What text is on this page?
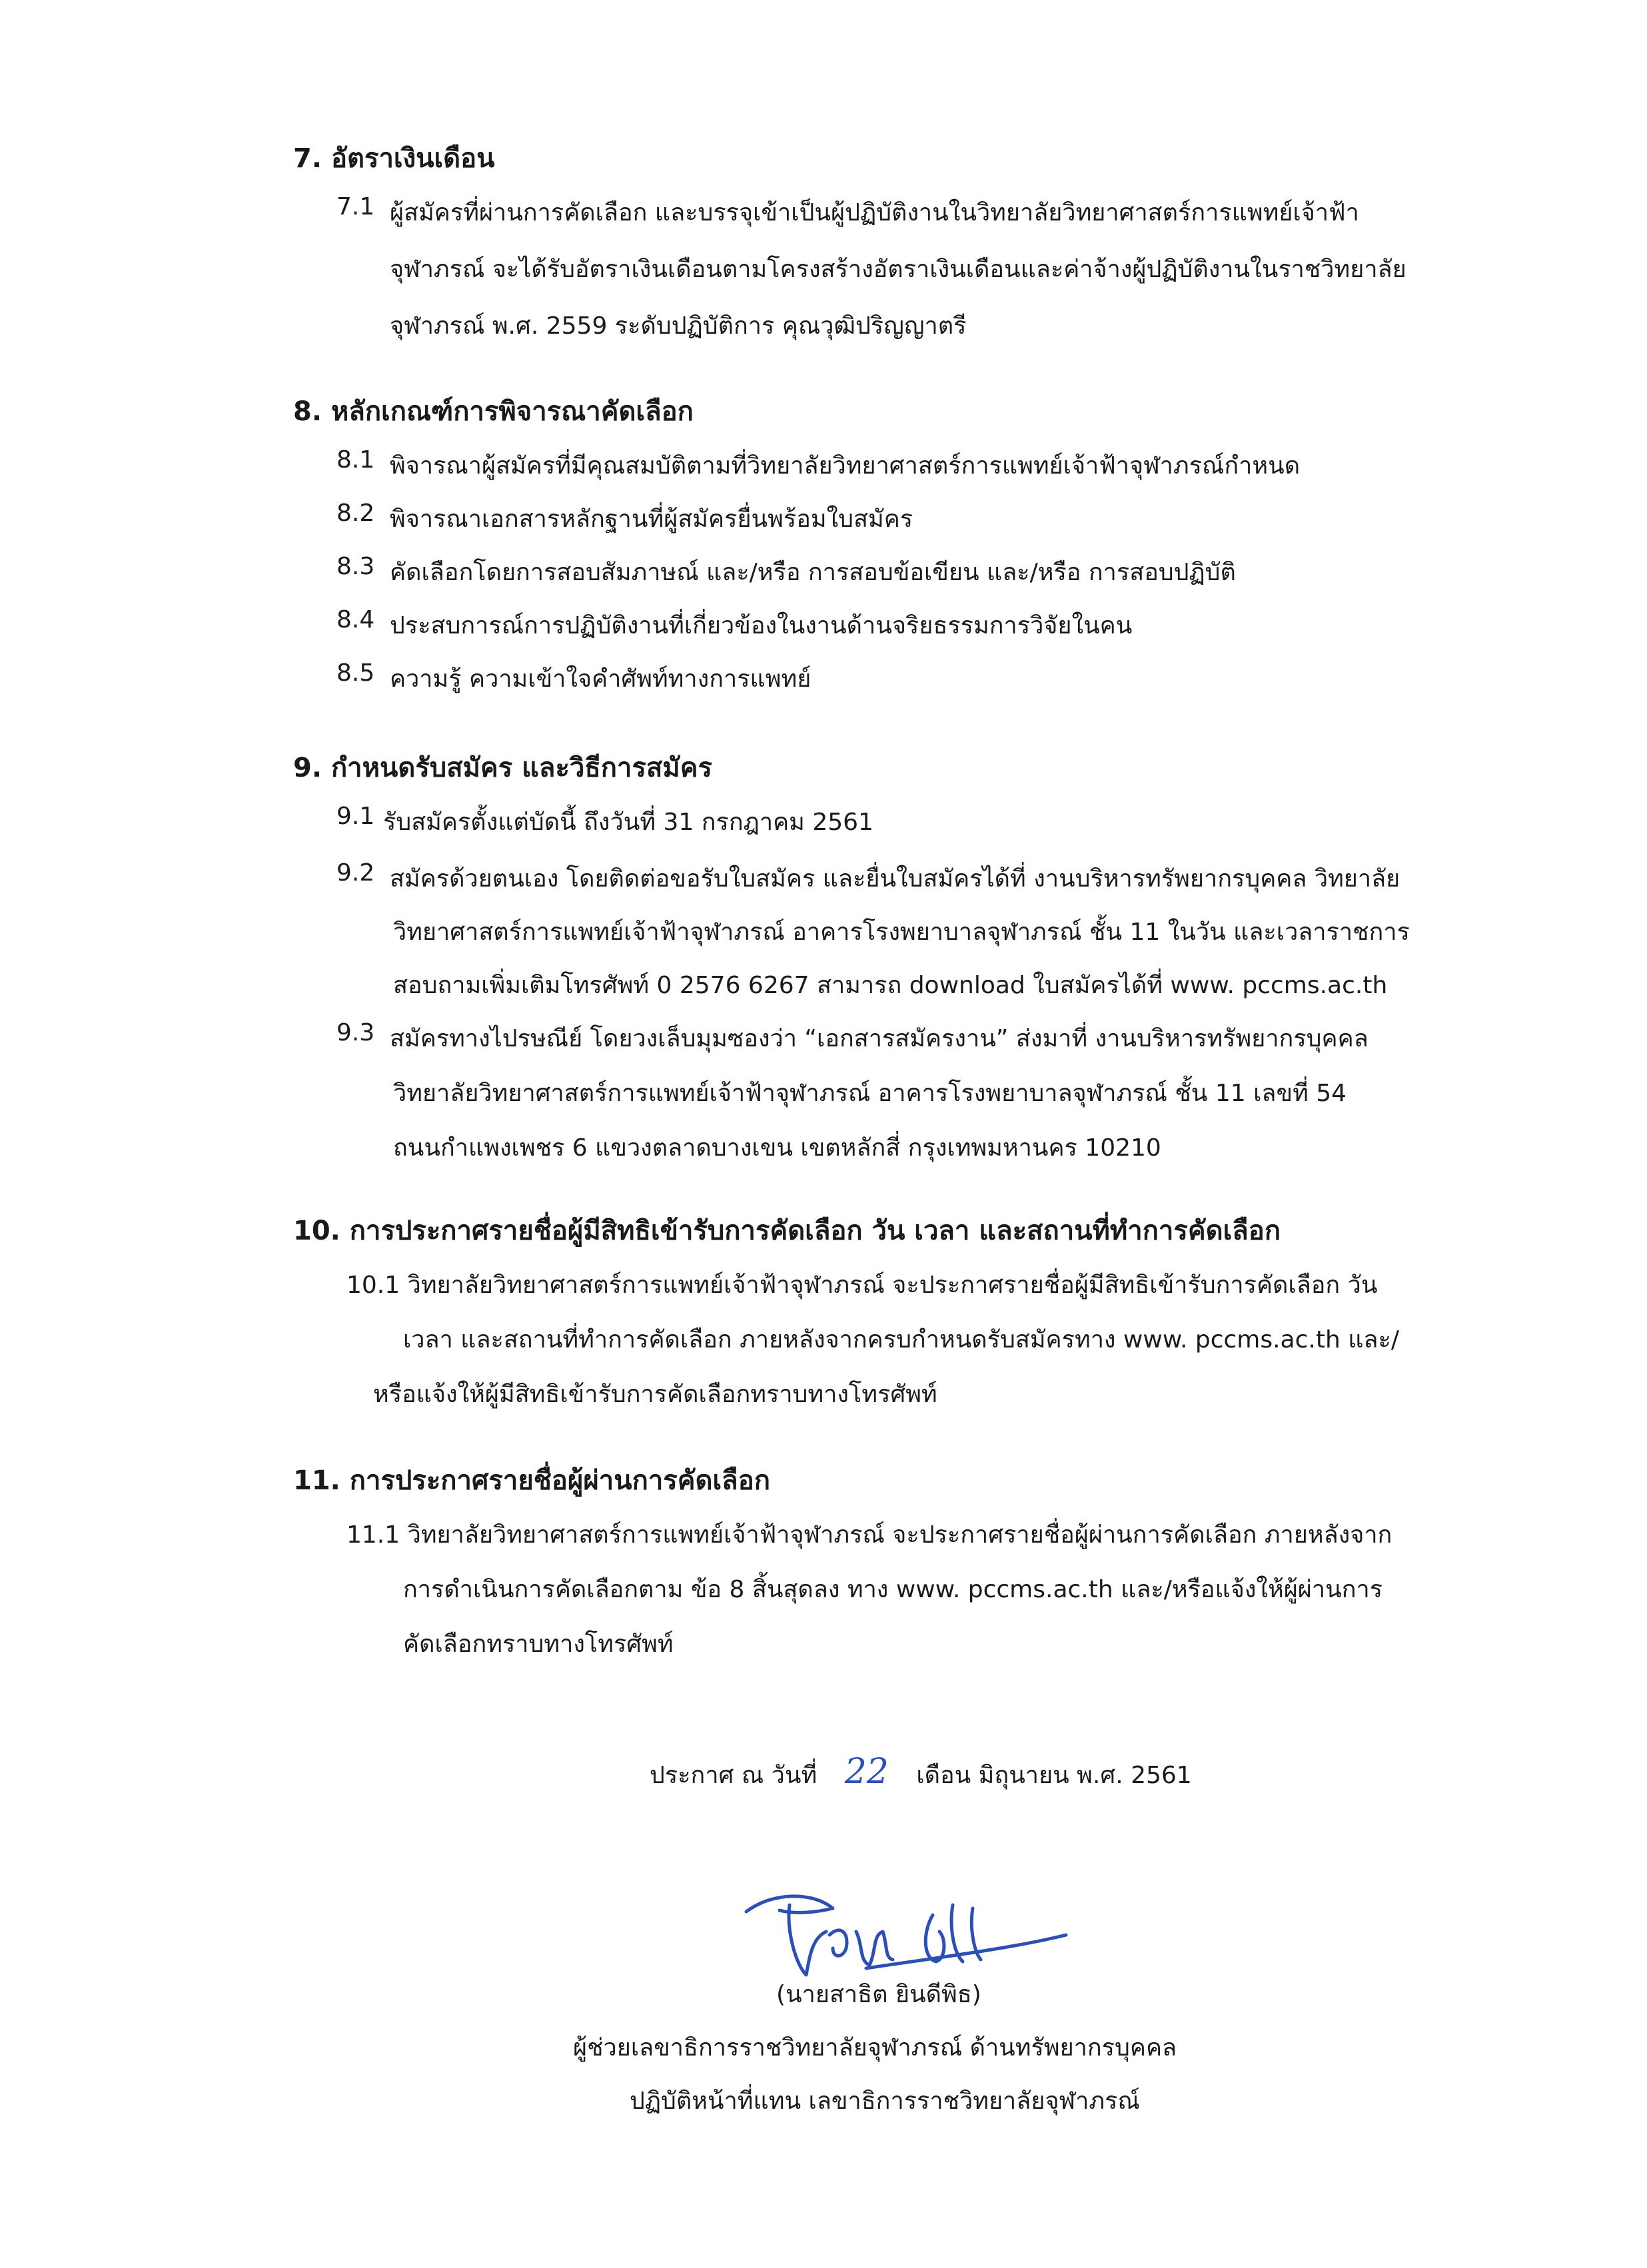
7. อัตราเงินเดือน
7.1 ผู้สมัครที่ผ่านการคัดเลือก และบรรจุเข้าเป็นผู้ปฏิบัติงานในวิทยาลัยวิทยาศาสตร์การแพทย์เจ้าฟ้า
จุฬาภรณ์ จะได้รับอัตราเงินเดือนตามโครงสร้างอัตราเงินเดือนและค่าจ้างผู้ปฏิบัติงานในราชวิทยาลัย
จุฬาภรณ์ พ.ศ. 2559 ระดับปฏิบัติการ คุณวุฒิปริญญาตรี
8. หลักเกณฑ์การพิจารณาคัดเลือก
8.1 พิจารณาผู้สมัครที่มีคุณสมบัติตามที่วิทยาลัยวิทยาศาสตร์การแพทย์เจ้าฟ้าจุฬาภรณ์กำหนด
8.2 พิจารณาเอกสารหลักฐานที่ผู้สมัครยื่นพร้อมใบสมัคร
8.3 คัดเลือกโดยการสอบสัมภาษณ์ และ/หรือ การสอบข้อเขียน และ/หรือ การสอบปฏิบัติ
8.4 ประสบการณ์การปฏิบัติงานที่เกี่ยวข้องในงานด้านจริยธรรมการวิจัยในคน
8.5 ความรู้ ความเข้าใจคำศัพท์ทางการแพทย์
9. กำหนดรับสมัคร และวิธีการสมัคร
9.1 รับสมัครตั้งแต่บัดนี้ ถึงวันที่ 31 กรกฎาคม 2561
9.2 สมัครด้วยตนเอง โดยติดต่อขอรับใบสมัคร และยื่นใบสมัครได้ที่ งานบริหารทรัพยากรบุคคล วิทยาลัย
วิทยาศาสตร์การแพทย์เจ้าฟ้าจุฬาภรณ์ อาคารโรงพยาบาลจุฬาภรณ์ ชั้น 11 ในวัน และเวลาราชการ
สอบถามเพิ่มเติมโทรศัพท์ 0 2576 6267 สามารถ download ใบสมัครได้ที่ www. pccms.ac.th
9.3 สมัครทางไปรษณีย์ โดยวงเล็บมุมซองว่า “เอกสารสมัครงาน” ส่งมาที่ งานบริหารทรัพยากรบุคคล
วิทยาลัยวิทยาศาสตร์การแพทย์เจ้าฟ้าจุฬาภรณ์ อาคารโรงพยาบาลจุฬาภรณ์ ชั้น 11 เลขที่ 54
ถนนกำแพงเพชร 6 แขวงตลาดบางเขน เขตหลักสี่ กรุงเทพมหานคร 10210
10. การประกาศรายชื่อผู้มีสิทธิเข้ารับการคัดเลือก วัน เวลา และสถานที่ทำการคัดเลือก
10.1 วิทยาลัยวิทยาศาสตร์การแพทย์เจ้าฟ้าจุฬาภรณ์ จะประกาศรายชื่อผู้มีสิทธิเข้ารับการคัดเลือก วัน
เวลา และสถานที่ทำการคัดเลือก ภายหลังจากครบกำหนดรับสมัครทาง www. pccms.ac.th และ/
หรือแจ้งให้ผู้มีสิทธิเข้ารับการคัดเลือกทราบทางโทรศัพท์
11. การประกาศรายชื่อผู้ผ่านการคัดเลือก
11.1 วิทยาลัยวิทยาศาสตร์การแพทย์เจ้าฟ้าจุฬาภรณ์ จะประกาศรายชื่อผู้ผ่านการคัดเลือก ภายหลังจาก
การดำเนินการคัดเลือกตาม ข้อ 8 สิ้นสุดลง ทาง www. pccms.ac.th และ/หรือแจ้งให้ผู้ผ่านการ
คัดเลือกทราบทางโทรศัพท์
ประกาศ ณ วันที่ 22 เดือน มิถุนายน พ.ศ. 2561
(นายสาธิต ยินดีพิธ)
ผู้ช่วยเลขาธิการราชวิทยาลัยจุฬาภรณ์ ด้านทรัพยากรบุคคล
ปฏิบัติหน้าที่แทน เลขาธิการราชวิทยาลัยจุฬาภรณ์
